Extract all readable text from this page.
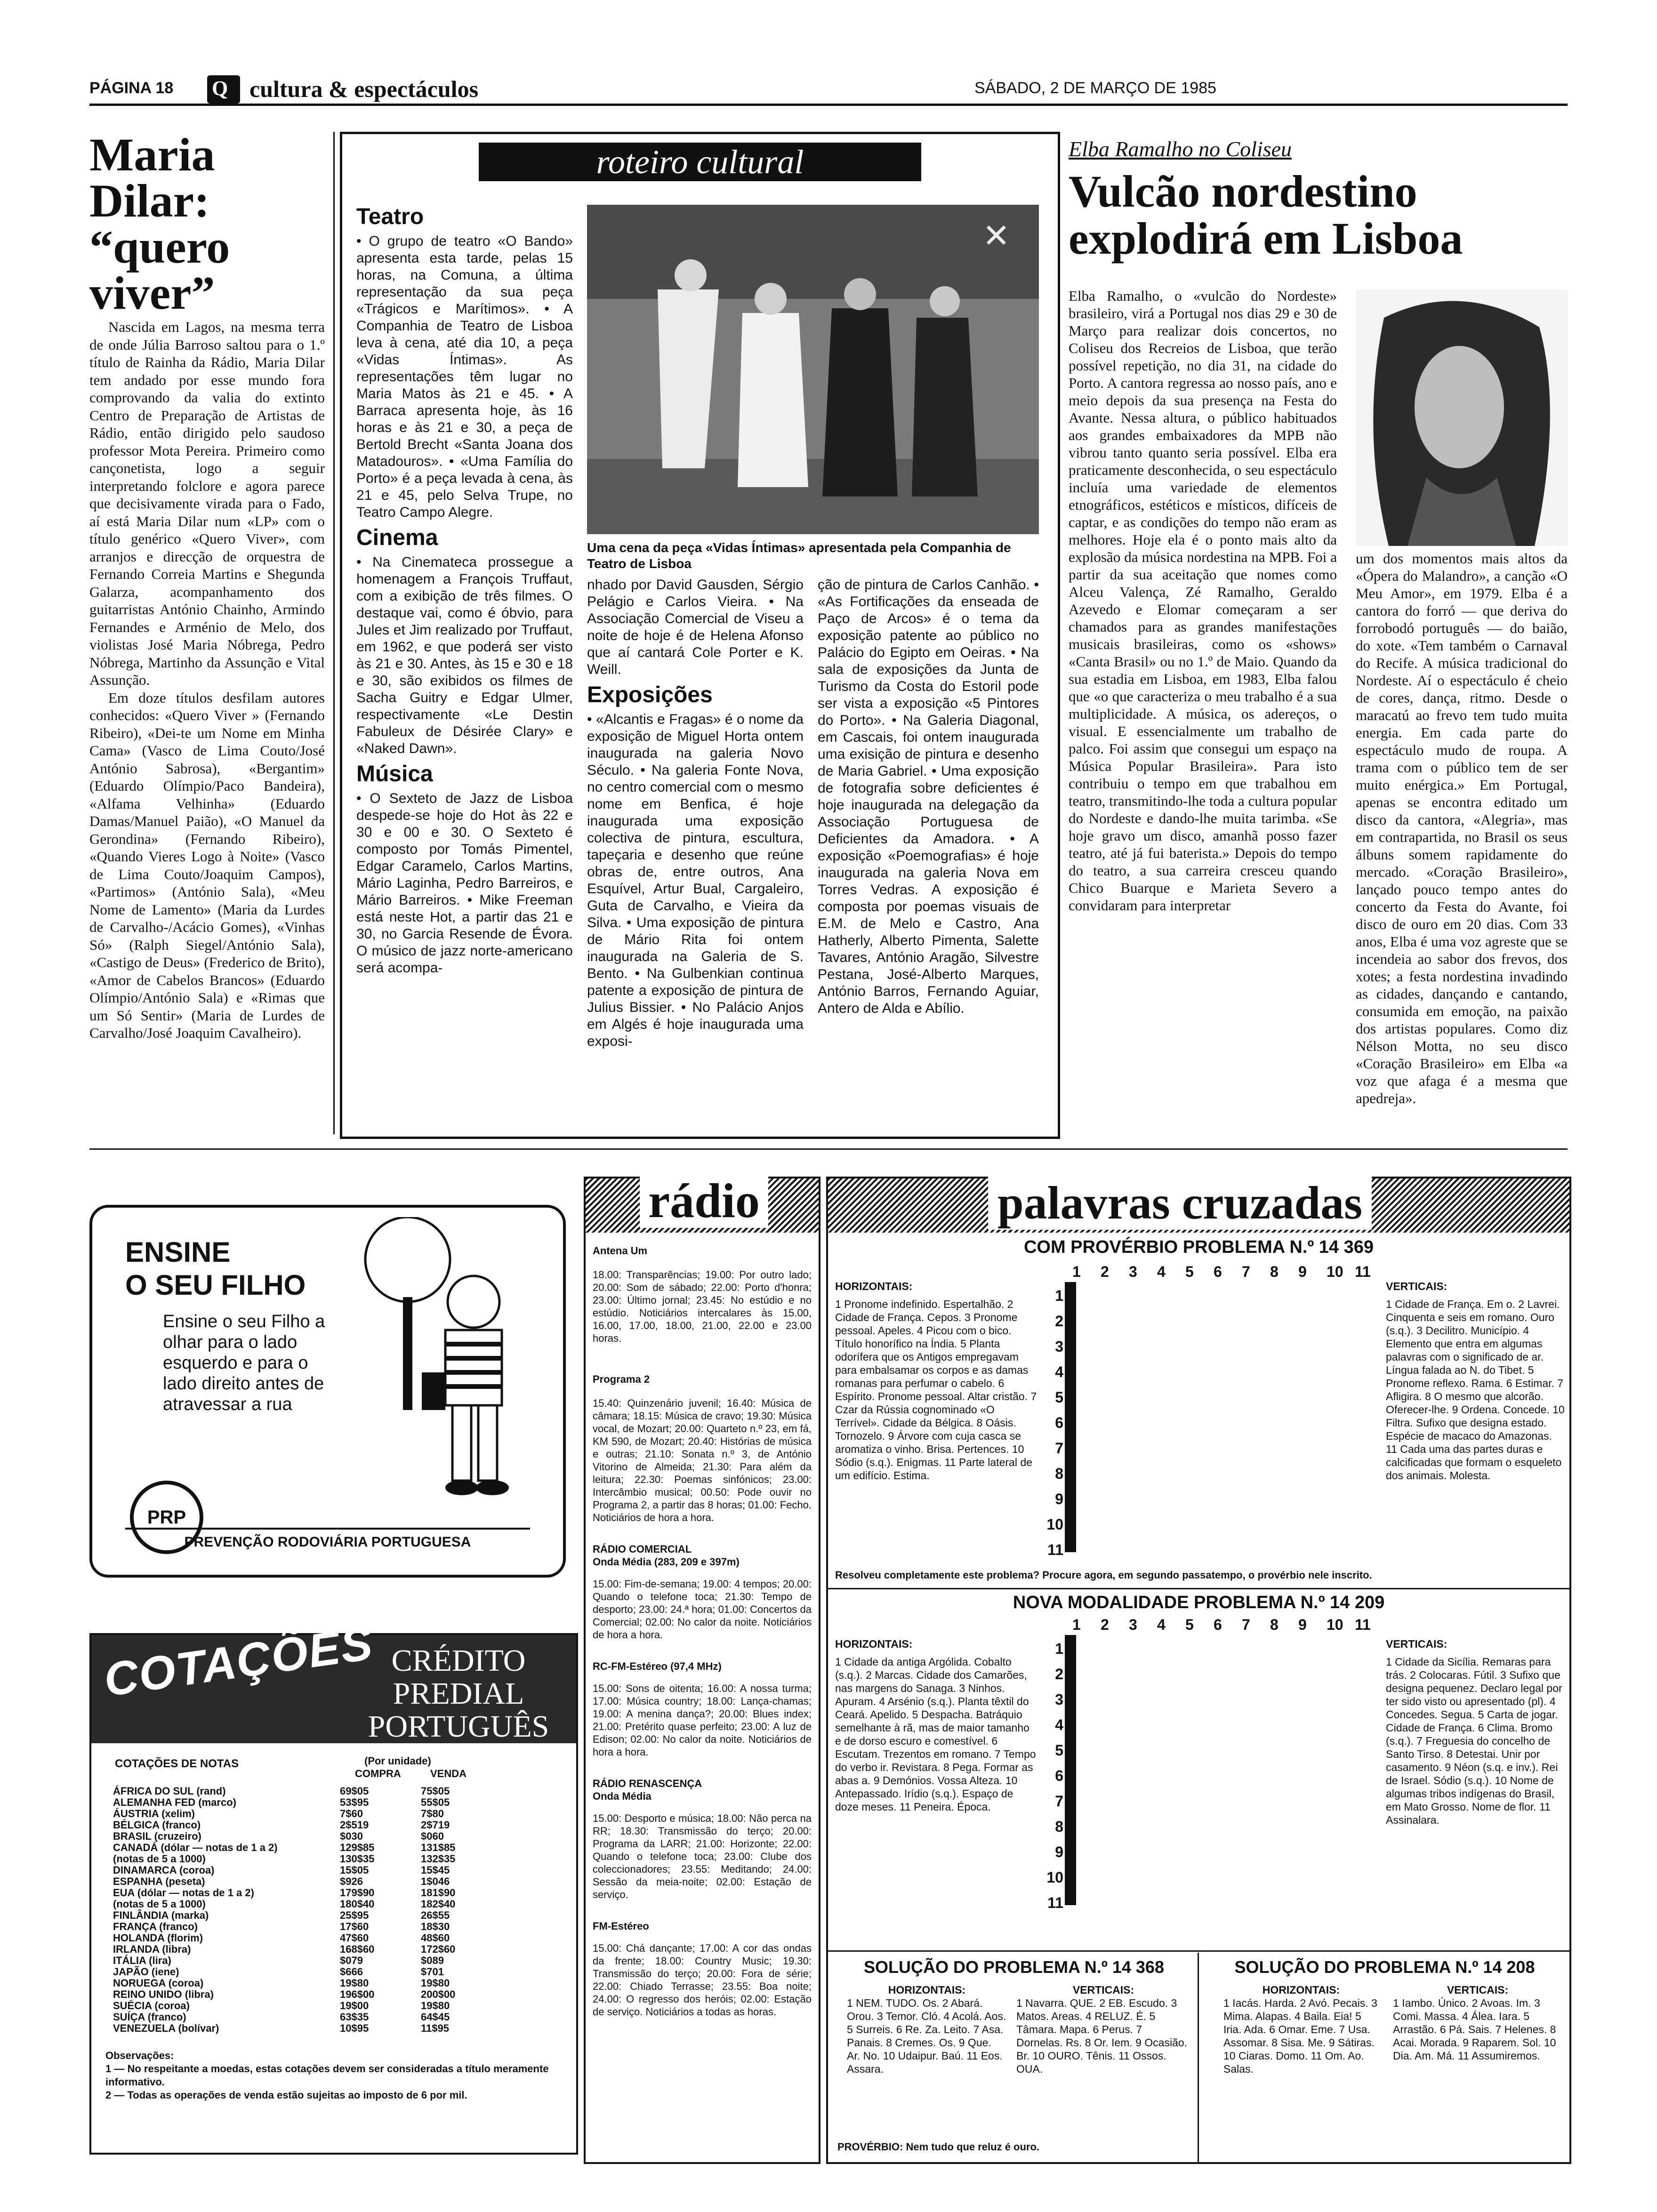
PÁGINA 18 Q cultura & espectáculos	SÁBADO, 2 DE MARÇO DE 1985
Maria Dilar: “quero viver”

Nascida em Lagos, na mesma terra de onde Júlia Barroso saltou para o 1.º título de Rainha da Rádio, Maria Dilar tem andado por esse mundo fora comprovando da valia do extinto Centro de Preparação de Artistas de Rádio, então dirigido pelo saudoso professor Mota Pereira. Primeiro como cançonetista, logo a seguir interpretando folclore e agora parece que decisivamente virada para o Fado, aí está Maria Dilar num «LP» com o título genérico «Quero Viver», com arranjos e direcção de orquestra de Fernando Correia Martins e Shegunda Galarza, acompanhamento dos guitarristas António Chainho, Armindo Fernandes e Arménio de Melo, dos violistas José Maria Nóbrega, Pedro Nóbrega, Martinho da Assunção e Vital Assunção.

Em doze títulos desfilam autores conhecidos: «Quero Viver » (Fernando Ribeiro), «Dei-te um Nome em Minha Cama» (Vasco de Lima Couto/José António Sabrosa), «Bergantim» (Eduardo Olímpio/Paco Bandeira), «Alfama Velhinha» (Eduardo Damas/Manuel Paião), «O Manuel da Gerondina» (Fernando Ribeiro), «Quando Vieres Logo à Noite» (Vasco de Lima Couto/Joaquim Campos), «Partimos» (António Sala), «Meu Nome de Lamento» (Maria da Lurdes de Carvalho-/Acácio Gomes), «Vinhas Só» (Ralph Siegel/António Sala), «Castigo de Deus» (Frederico de Brito), «Amor de Cabelos Brancos» (Eduardo Olímpio/António Sala) e «Rimas que um Só Sentir» (Maria de Lurdes de Carvalho/José Joaquim Cavalheiro).

roteiro cultural
Teatro

• O grupo de teatro «O Bando» apresenta esta tarde, pelas 15 horas, na Comuna, a última representação da sua peça «Trágicos e Marítimos». • A Companhia de Teatro de Lisboa leva à cena, até dia 10, a peça «Vidas Íntimas». As representações têm lugar no Maria Matos às 21 e 45. • A Barraca apresenta hoje, às 16 horas e às 21 e 30, a peça de Bertold Brecht «Santa Joana dos Matadouros». • «Uma Família do Porto» é a peça levada à cena, às 21 e 45, pelo Selva Trupe, no Teatro Campo Alegre.

Cinema

• Na Cinemateca prossegue a homenagem a François Truffaut, com a exibição de três filmes. O destaque vai, como é óbvio, para Jules et Jim realizado por Truffaut, em 1962, e que poderá ser visto às 21 e 30. Antes, às 15 e 30 e 18 e 30, são exibidos os filmes de Sacha Guitry e Edgar Ulmer, respectivamente «Le Destin Fabuleux de Désirée Clary» e «Naked Dawn».

Música

• O Sexteto de Jazz de Lisboa despede-se hoje do Hot às 22 e 30 e 00 e 30. O Sexteto é composto por Tomás Pimentel, Edgar Caramelo, Carlos Martins, Mário Laginha, Pedro Barreiros, e Mário Barreiros. • Mike Freeman está neste Hot, a partir das 21 e 30, no Garcia Resende de Évora. O músico de jazz norte-americano será acompa-

✕
Uma cena da peça «Vidas Íntimas» apresentada pela Companhia de Teatro de Lisboa

nhado por David Gausden, Sérgio Pelágio e Carlos Vieira. • Na Associação Comercial de Viseu a noite de hoje é de Helena Afonso que aí cantará Cole Porter e K. Weill.

Exposições

• «Alcantis e Fragas» é o nome da exposição de Miguel Horta ontem inaugurada na galeria Novo Século. • Na galeria Fonte Nova, no centro comercial com o mesmo nome em Benfica, é hoje inaugurada uma exposição colectiva de pintura, escultura, tapeçaria e desenho que reúne obras de, entre outros, Ana Esquível, Artur Bual, Cargaleiro, Guta de Carvalho, e Vieira da Silva. • Uma exposição de pintura de Mário Rita foi ontem inaugurada na Galeria de S. Bento. • Na Gulbenkian continua patente a exposição de pintura de Julius Bissier. • No Palácio Anjos em Algés é hoje inaugurada uma exposi-

ção de pintura de Carlos Canhão. • «As Fortificações da enseada de Paço de Arcos» é o tema da exposição patente ao público no Palácio do Egipto em Oeiras. • Na sala de exposições da Junta de Turismo da Costa do Estoril pode ser vista a exposição «5 Pintores do Porto». • Na Galeria Diagonal, em Cascais, foi ontem inaugurada uma exisição de pintura e desenho de Maria Gabriel. • Uma exposição de fotografia sobre deficientes é hoje inaugurada na delegação da Associação Portuguesa de Deficientes da Amadora. • A exposição «Poemografias» é hoje inaugurada na galeria Nova em Torres Vedras. A exposição é composta por poemas visuais de E.M. de Melo e Castro, Ana Hatherly, Alberto Pimenta, Salette Tavares, António Aragão, Silvestre Pestana, José-Alberto Marques, António Barros, Fernando Aguiar, Antero de Alda e Abílio.

Elba Ramalho no Coliseu
Vulcão nordestino explodirá em Lisboa
Elba Ramalho, o «vulcão do Nordeste» brasileiro, virá a Portugal nos dias 29 e 30 de Março para realizar dois concertos, no Coliseu dos Recreios de Lisboa, que terão possível repetição, no dia 31, na cidade do Porto. A cantora regressa ao nosso país, ano e meio depois da sua presença na Festa do Avante. Nessa altura, o público habituados aos grandes embaixadores da MPB não vibrou tanto quanto seria possível. Elba era praticamente desconhecida, o seu espectáculo incluía uma variedade de elementos etnográficos, estéticos e místicos, difíceis de captar, e as condições do tempo não eram as melhores. Hoje ela é o ponto mais alto da explosão da música nordestina na MPB. Foi a partir da sua aceitação que nomes como Alceu Valença, Zé Ramalho, Geraldo Azevedo e Elomar começaram a ser chamados para as grandes manifestações musicais brasileiras, como os «shows» «Canta Brasil» ou no 1.º de Maio. Quando da sua estadia em Lisboa, em 1983, Elba falou que «o que caracteriza o meu trabalho é a sua multiplicidade. A música, os adereços, o visual. E essencialmente um trabalho de palco. Foi assim que consegui um espaço na Música Popular Brasileira». Para isto contribuiu o tempo em que trabalhou em teatro, transmitindo-lhe toda a cultura popular do Nordeste e dando-lhe muita tarimba. «Se hoje gravo um disco, amanhã posso fazer teatro, até já fui baterista.» Depois do tempo do teatro, a sua carreira cresceu quando Chico Buarque e Marieta Severo a convidaram para interpretar
um dos momentos mais altos da «Ópera do Malandro», a canção «O Meu Amor», em 1979. Elba é a cantora do forró — que deriva do forrobodó português — do baião, do xote. «Tem também o Carnaval do Recife. A música tradicional do Nordeste. Aí o espectáculo é cheio de cores, dança, ritmo. Desde o maracatú ao frevo tem tudo muita energia. Em cada parte do espectáculo mudo de roupa. A trama com o público tem de ser muito enérgica.» Em Portugal, apenas se encontra editado um disco da cantora, «Alegria», mas em contrapartida, no Brasil os seus álbuns somem rapidamente do mercado. «Coração Brasileiro», lançado pouco tempo antes do concerto da Festa do Avante, foi disco de ouro em 20 dias. Com 33 anos, Elba é uma voz agreste que se incendeia ao sabor dos frevos, dos xotes; a festa nordestina invadindo as cidades, dançando e cantando, consumida em emoção, na paixão dos artistas populares. Como diz Nélson Motta, no seu disco «Coração Brasileiro» em Elba «a voz que afaga é a mesma que apedreja».
ENSINE
O SEU FILHO
Ensine o seu Filho a olhar para o lado esquerdo e para o lado direito antes de atravessar a rua
PRP
PREVENÇÃO RODOVIÁRIA PORTUGUESA
COTAÇÕES CRÉDITO PREDIAL PORTUGUÊS
COTAÇÕES DE NOTAS	(Por unidade)
COMPRA	VENDA
ÁFRICA DO SUL (rand)	69$05	75$05
ALEMANHA FED (marco)	53$95	55$05
ÁUSTRIA (xelim)	7$60	7$80
BÉLGICA (franco)	2$519	2$719
BRASIL (cruzeiro)	$030	$060
CANADÁ (dólar — notas de 1 a 2)	129$85	131$85
(notas de 5 a 1000)	130$35	132$35
DINAMARCA (coroa)	15$05	15$45
ESPANHA (peseta)	$926	1$046
EUA (dólar — notas de 1 a 2)	179$90	181$90
(notas de 5 a 1000)	180$40	182$40
FINLÂNDIA (marka)	25$95	26$55
FRANÇA (franco)	17$60	18$30
HOLANDA (florim)	47$60	48$60
IRLANDA (libra)	168$60	172$60
ITÁLIA (lira)	$079	$089
JAPÃO (iene)	$666	$701
NORUEGA (coroa)	19$80	19$80
REINO UNIDO (libra)	196$00	200$00
SUÉCIA (coroa)	19$00	19$80
SUÍÇA (franco)	63$35	64$45
VENEZUELA (bolívar)	10$95	11$95
Observações:
1 — No respeitante a moedas, estas cotações devem ser consideradas a título meramente informativo.
2 — Todas as operações de venda estão sujeitas ao imposto de 6 por mil.
rádio

Antena Um

18.00: Transparências; 19.00: Por outro lado; 20.00: Som de sábado; 22.00: Porto d'honra; 23.00: Último jornal; 23.45: No estúdio e no estúdio. Noticiários intercalares às 15.00, 16.00, 17.00, 18.00, 21.00, 22.00 e 23.00 horas.

Programa 2

15.40: Quinzenário juvenil; 16.40: Música de câmara; 18.15: Música de cravo; 19.30: Música vocal, de Mozart; 20.00: Quarteto n.º 23, em fá, KM 590, de Mozart; 20.40: Histórias de música e outras; 21.10: Sonata n.º 3, de António Vitorino de Almeida; 21.30: Para além da leitura; 22.30: Poemas sinfónicos; 23.00: Intercâmbio musical; 00.50: Pode ouvir no Programa 2, a partir das 8 horas; 01.00: Fecho. Noticiários de hora a hora.

RÁDIO COMERCIAL

Onda Média (283, 209 e 397m)

15.00: Fim-de-semana; 19.00: 4 tempos; 20.00: Quando o telefone toca; 21.30: Tempo de desporto; 23.00: 24.ª hora; 01.00: Concertos da Comercial; 02.00: No calor da noite. Noticiários de hora a hora.

RC-FM-Estéreo (97,4 MHz)

15.00: Sons de oitenta; 16.00: A nossa turma; 17.00: Música country; 18.00: Lança-chamas; 19.00: A menina dança?; 20.00: Blues index; 21.00: Pretérito quase perfeito; 23.00: A luz de Edison; 02.00: No calor da noite. Noticiários de hora a hora.

RÁDIO RENASCENÇA

Onda Média

15.00: Desporto e música; 18.00: Não perca na RR; 18.30: Transmissão do terço; 20.00: Programa da LARR; 21.00: Horizonte; 22.00: Quando o telefone toca; 23.00: Clube dos coleccionadores; 23.55: Meditando; 24.00: Sessão da meia-noite; 02.00: Estação de serviço.

FM-Estéreo

15.00: Chá dançante; 17.00: A cor das ondas da frente; 18.00: Country Music; 19.30: Transmissão do terço; 20.00: Fora de série; 22.00: Chiado Terrasse; 23.55: Boa noite; 24.00: O regresso dos heróis; 02.00: Estação de serviço. Noticiários a todas as horas.

palavras cruzadas
COM PROVÉRBIO PROBLEMA N.º 14 369

HORIZONTAIS:

1 Pronome indefinido. Espertalhão. 2 Cidade de França. Cepos. 3 Pronome pessoal. Apeles. 4 Picou com o bico. Título honorífico na Índia. 5 Planta odorífera que os Antigos empregavam para embalsamar os corpos e as damas romanas para perfumar o cabelo. 6 Espírito. Pronome pessoal. Altar cristão. 7 Czar da Rússia cognominado «O Terrível». Cidade da Bélgica. 8 Oásis. Tornozelo. 9 Árvore com cuja casca se aromatiza o vinho. Brisa. Pertences. 10 Sódio (s.q.). Enigmas. 11 Parte lateral de um edifício. Estima.

1 2 3 4 5 6 7 8 9 10 11
1
2
3
4
5
6
7
8
9
10
11

VERTICAIS:

1 Cidade de França. Em o. 2 Lavrei. Cinquenta e seis em romano. Ouro (s.q.). 3 Decilitro. Município. 4 Elemento que entra em algumas palavras com o significado de ar. Língua falada ao N. do Tibet. 5 Pronome reflexo. Rama. 6 Estimar. 7 Afligira. 8 O mesmo que alcorão. Oferecer-lhe. 9 Ordena. Concede. 10 Filtra. Sufixo que designa estado. Espécie de macaco do Amazonas. 11 Cada uma das partes duras e calcificadas que formam o esqueleto dos animais. Molesta.

Resolveu completamente este problema? Procure agora, em segundo passatempo, o provérbio nele inscrito.
NOVA MODALIDADE PROBLEMA N.º 14 209

HORIZONTAIS:

1 Cidade da antiga Argólida. Cobalto (s.q.). 2 Marcas. Cidade dos Camarões, nas margens do Sanaga. 3 Ninhos. Apuram. 4 Arsénio (s.q.). Planta têxtil do Ceará. Apelido. 5 Despacha. Batráquio semelhante à rã, mas de maior tamanho e de dorso escuro e comestível. 6 Escutam. Trezentos em romano. 7 Tempo do verbo ir. Revistara. 8 Pega. Formar as abas a. 9 Demónios. Vossa Alteza. 10 Antepassado. Irídio (s.q.). Espaço de doze meses. 11 Peneira. Época.

1 2 3 4 5 6 7 8 9 10 11
1
2
3
4
5
6
7
8
9
10
11

VERTICAIS:

1 Cidade da Sicília. Remaras para trás. 2 Colocaras. Fútil. 3 Sufixo que designa pequenez. Declaro legal por ter sido visto ou apresentado (pl). 4 Concedes. Segua. 5 Carta de jogar. Cidade de França. 6 Clima. Bromo (s.q.). 7 Freguesia do concelho de Santo Tirso. 8 Detestai. Unir por casamento. 9 Néon (s.q. e inv.). Rei de Israel. Sódio (s.q.). 10 Nome de algumas tribos indígenas do Brasil, em Mato Grosso. Nome de flor. 11 Assinalara.

SOLUÇÃO DO PROBLEMA N.º 14 368

HORIZONTAIS:

1 NEM. TUDO. Os. 2 Abará. Orou. 3 Temor. Cló. 4 Acolá. Aos. 5 Surreis. 6 Re. Za. Leito. 7 Asa. Panais. 8 Cremes. Os. 9 Que. Ar. No. 10 Udaipur. Baú. 11 Eos. Assara.

VERTICAIS:

1 Navarra. QUE. 2 EB. Escudo. 3 Matos. Areas. 4 RELUZ. É. 5 Tâmara. Mapa. 6 Perus. 7 Dornelas. Rs. 8 Or. Iem. 9 Ocasião. Br. 10 OURO. Tênis. 11 Ossos. OUA.

PROVÉRBIO: Nem tudo que reluz é ouro.
SOLUÇÃO DO PROBLEMA N.º 14 208

HORIZONTAIS:

1 Iacás. Harda. 2 Avó. Pecais. 3 Mima. Alapas. 4 Baila. Eia! 5 Iria. Ada. 6 Omar. Eme. 7 Usa. Assomar. 8 Sisa. Me. 9 Sátiras. 10 Ciaras. Domo. 11 Om. Ao. Salas.

VERTICAIS:

1 Iambo. Único. 2 Avoas. Im. 3 Comi. Massa. 4 Álea. Iara. 5 Arrastão. 6 Pá. Sais. 7 Helenes. 8 Acai. Morada. 9 Raparem. Sol. 10 Dia. Am. Má. 11 Assumiremos.
